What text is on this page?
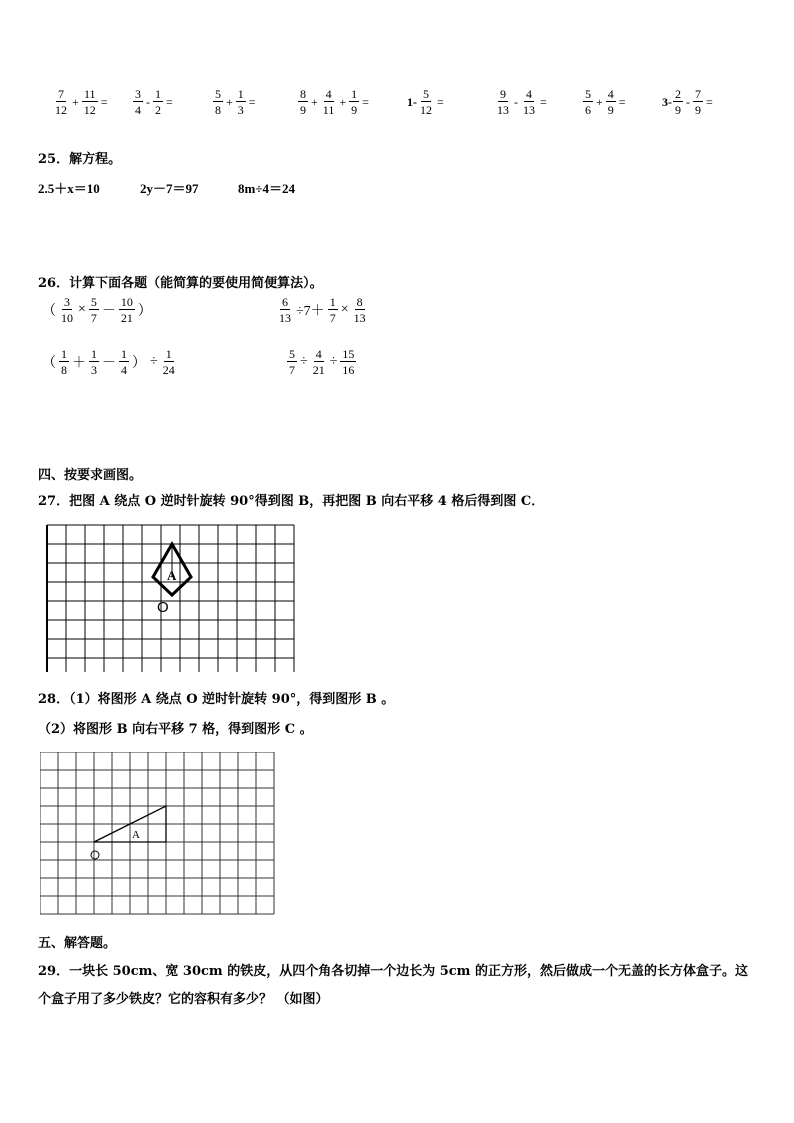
$\frac{7}{12} + \frac{11}{12} = \frac{3}{4} - \frac{1}{2}$ =	$\frac{5}{8} + \frac{1}{3}$ =	$\frac{8}{9} + \frac{4}{11} + \frac{1}{9}$ =	$1- \frac{5}{12}$ =	$\frac{9}{13} - \frac{4}{13}$ =	$\frac{5}{6} + \frac{4}{9}$ =	$3- \frac{2}{9} - \frac{7}{9}$ =
25．解方程。
2.5＋x＝10	2y－7＝97	8m÷4＝24
26．计算下面各题（能简算的要使用简便算法）。
（ $\frac{3}{10} \times \frac{5}{7} - \frac{10}{21}$ ）	$\frac{6}{13} \div 7+ \frac{1}{7} \times \frac{8}{13}$
（ $\frac{1}{8} + \frac{1}{3} - \frac{1}{4}$ ） ÷ $\frac{1}{24}$	$\frac{5}{7} \div \frac{4}{21} \div \frac{15}{16}$
四、按要求画图。
27．把图 A 绕点 O 逆时针旋转 90°得到图 B，再把图 B 向右平移 4 格后得到图 C．
A
O
28．（1）将图形 A 绕点 O 逆时针旋转 90°，得到图形 B 。
（2）将图形 B 向右平移 7 格，得到图形 C 。
A
五、解答题。
29．一块长 50cm、宽 30cm 的铁皮，从四个角各切掉一个边长为 5cm 的正方形，然后做成一个无盖的长方体盒子。这
个盒子用了多少铁皮？它的容积有多少？ （如图）
